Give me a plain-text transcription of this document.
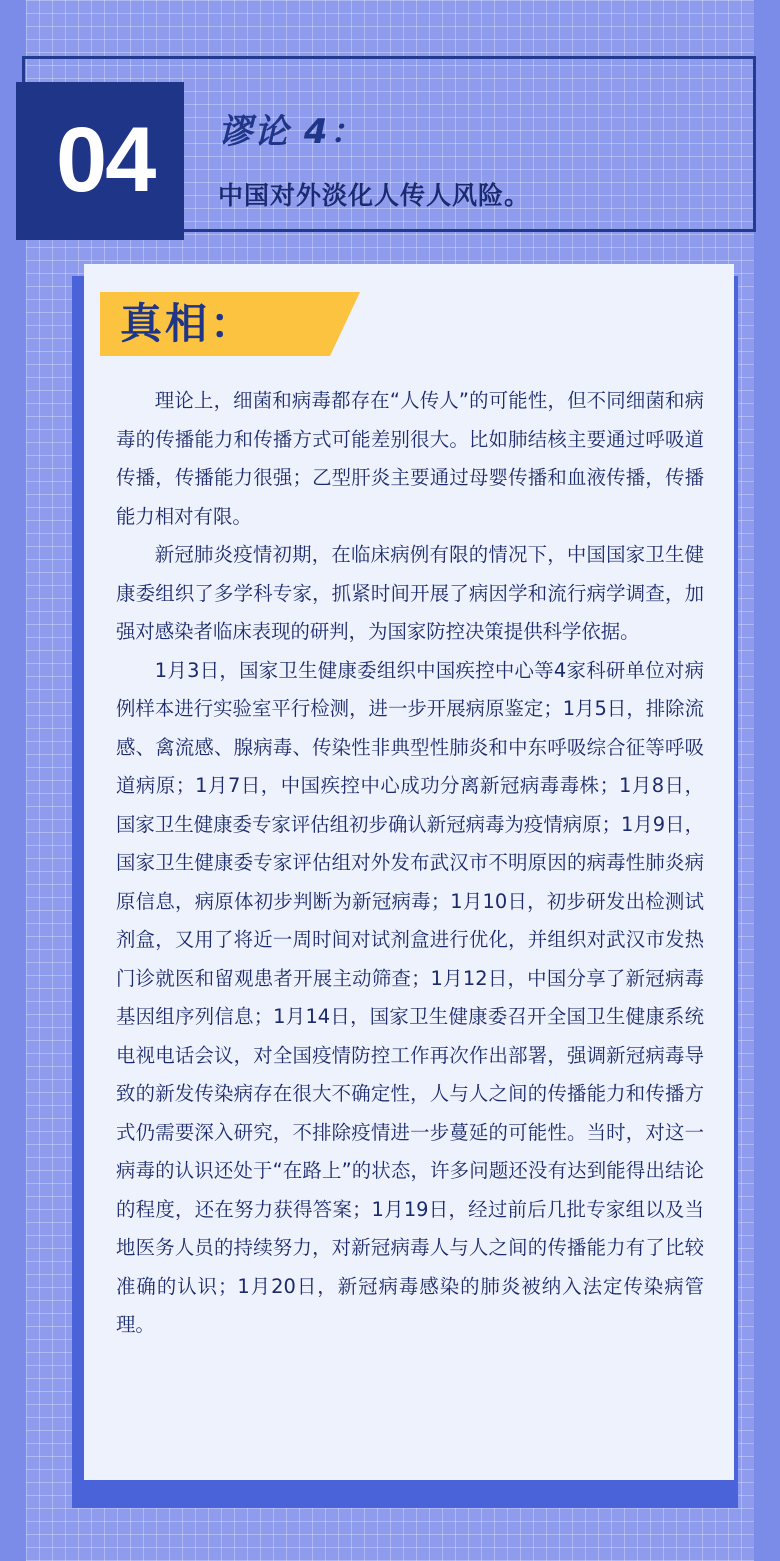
04	谬论 4：
中国对外淡化人传人风险。
真相：

理论上，细菌和病毒都存在“人传人”的可能性，但不同细菌和病毒的传播能力和传播方式可能差别很大。比如肺结核主要通过呼吸道传播，传播能力很强；乙型肝炎主要通过母婴传播和血液传播，传播能力相对有限。

新冠肺炎疫情初期，在临床病例有限的情况下，中国国家卫生健康委组织了多学科专家，抓紧时间开展了病因学和流行病学调查，加强对感染者临床表现的研判，为国家防控决策提供科学依据。

1月3日，国家卫生健康委组织中国疾控中心等4家科研单位对病例样本进行实验室平行检测，进一步开展病原鉴定；1月5日，排除流感、禽流感、腺病毒、传染性非典型性肺炎和中东呼吸综合征等呼吸道病原；1月7日，中国疾控中心成功分离新冠病毒毒株；1月8日，国家卫生健康委专家评估组初步确认新冠病毒为疫情病原；1月9日，国家卫生健康委专家评估组对外发布武汉市不明原因的病毒性肺炎病原信息，病原体初步判断为新冠病毒；1月10日，初步研发出检测试剂盒，又用了将近一周时间对试剂盒进行优化，并组织对武汉市发热门诊就医和留观患者开展主动筛查；1月12日，中国分享了新冠病毒基因组序列信息；1月14日，国家卫生健康委召开全国卫生健康系统电视电话会议，对全国疫情防控工作再次作出部署，强调新冠病毒导致的新发传染病存在很大不确定性，人与人之间的传播能力和传播方式仍需要深入研究，不排除疫情进一步蔓延的可能性。当时，对这一病毒的认识还处于“在路上”的状态，许多问题还没有达到能得出结论的程度，还在努力获得答案；1月19日，经过前后几批专家组以及当地医务人员的持续努力，对新冠病毒人与人之间的传播能力有了比较准确的认识；1月20日，新冠病毒感染的肺炎被纳入法定传染病管理。
